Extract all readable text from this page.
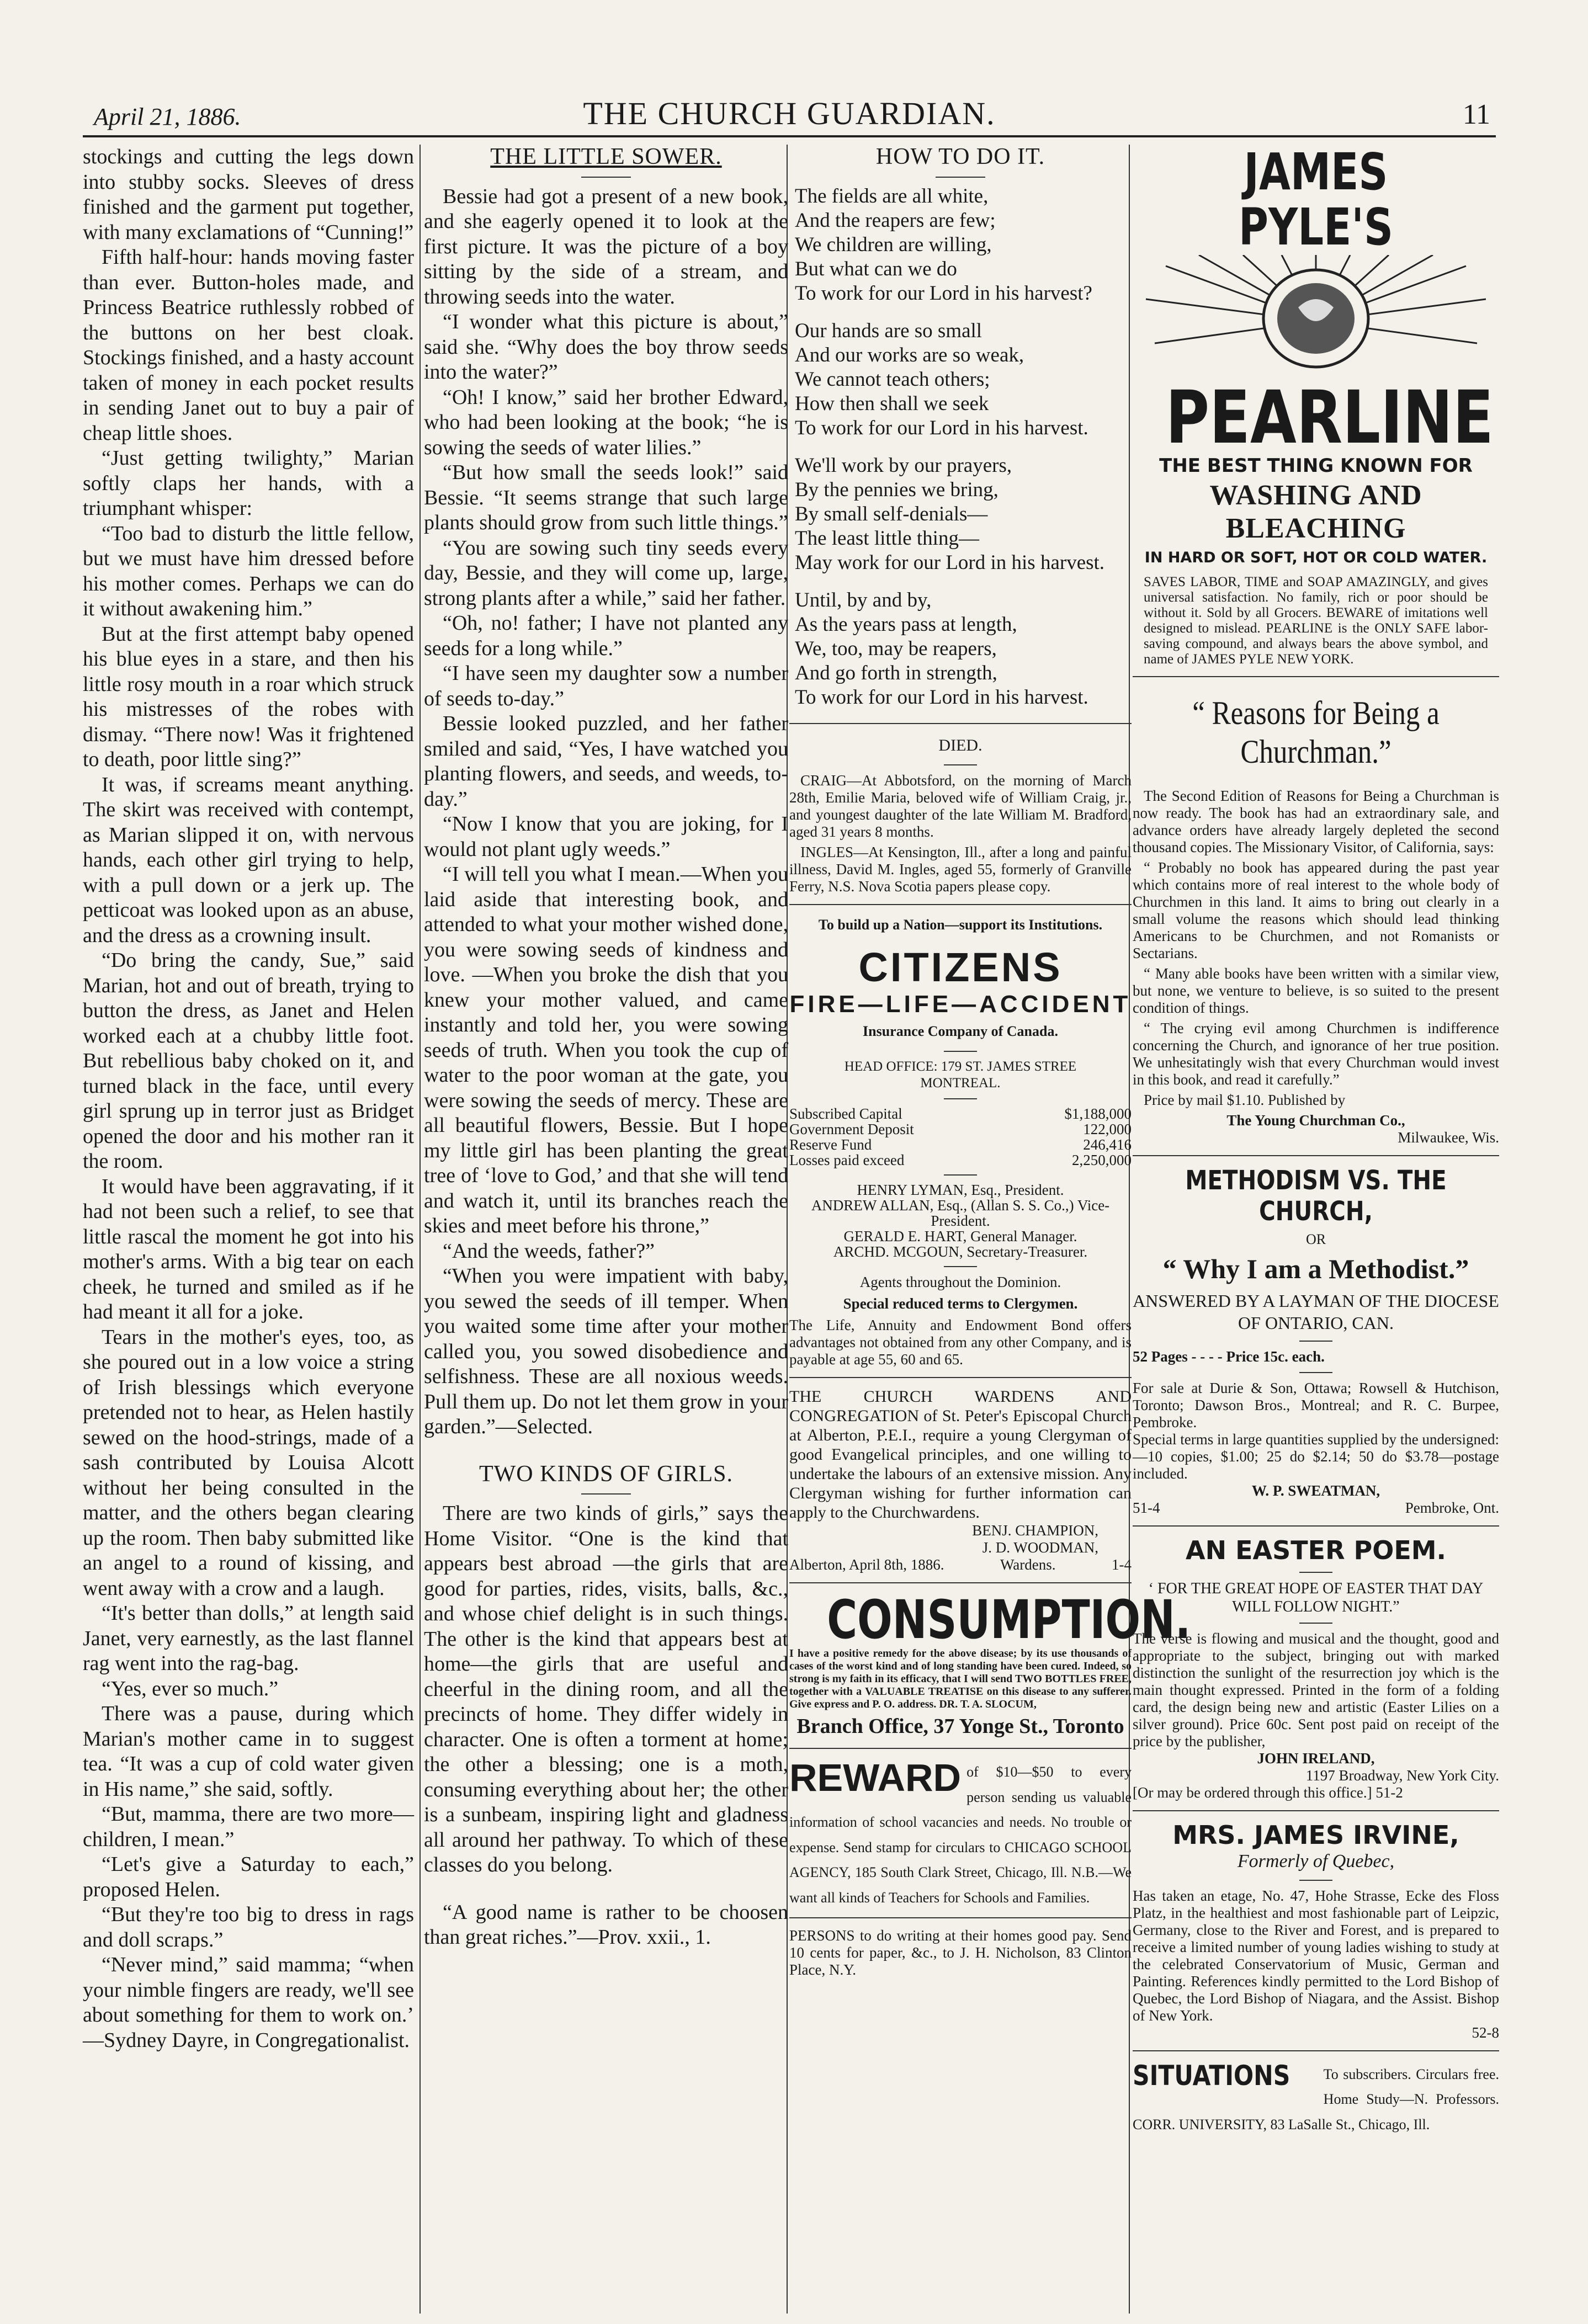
April 21, 1886.	THE CHURCH GUARDIAN.	11

stockings and cutting the legs down into stubby socks. Sleeves of dress finished and the garment put together, with many exclamations of “Cunning!”

Fifth half-hour: hands moving faster than ever. Button-holes made, and Princess Beatrice ruthlessly robbed of the buttons on her best cloak. Stockings finished, and a hasty account taken of money in each pocket results in sending Janet out to buy a pair of cheap little shoes.

“Just getting twilighty,” Marian softly claps her hands, with a triumphant whisper:

“Too bad to disturb the little fellow, but we must have him dressed before his mother comes. Perhaps we can do it without awakening him.”

But at the first attempt baby opened his blue eyes in a stare, and then his little rosy mouth in a roar which struck his mistresses of the robes with dismay. “There now! Was it frightened to death, poor little sing?”

It was, if screams meant anything. The skirt was received with contempt, as Marian slipped it on, with nervous hands, each other girl trying to help, with a pull down or a jerk up. The petticoat was looked upon as an abuse, and the dress as a crowning insult.

“Do bring the candy, Sue,” said Marian, hot and out of breath, trying to button the dress, as Janet and Helen worked each at a chubby little foot. But rebellious baby choked on it, and turned black in the face, until every girl sprung up in terror just as Bridget opened the door and his mother ran it the room.

It would have been aggravating, if it had not been such a relief, to see that little rascal the moment he got into his mother's arms. With a big tear on each cheek, he turned and smiled as if he had meant it all for a joke.

Tears in the mother's eyes, too, as she poured out in a low voice a string of Irish blessings which everyone pretended not to hear, as Helen hastily sewed on the hood-strings, made of a sash contributed by Louisa Alcott without her being consulted in the matter, and the others began clearing up the room. Then baby submitted like an angel to a round of kissing, and went away with a crow and a laugh.

“It's better than dolls,” at length said Janet, very earnestly, as the last flannel rag went into the rag-bag.

“Yes, ever so much.”

There was a pause, during which Marian's mother came in to suggest tea. “It was a cup of cold water given in His name,” she said, softly.

“But, mamma, there are two more—children, I mean.”

“Let's give a Saturday to each,” proposed Helen.

“But they're too big to dress in rags and doll scraps.”

“Never mind,” said mamma; “when your nimble fingers are ready, we'll see about something for them to work on.’ —Sydney Dayre, in Congregationalist.

THE LITTLE SOWER.

Bessie had got a present of a new book, and she eagerly opened it to look at the first picture. It was the picture of a boy sitting by the side of a stream, and throwing seeds into the water.

“I wonder what this picture is about,” said she. “Why does the boy throw seeds into the water?”

“Oh! I know,” said her brother Edward, who had been looking at the book; “he is sowing the seeds of water lilies.”

“But how small the seeds look!” said Bessie. “It seems strange that such large plants should grow from such little things.”

“You are sowing such tiny seeds every day, Bessie, and they will come up, large, strong plants after a while,” said her father.

“Oh, no! father; I have not planted any seeds for a long while.”

“I have seen my daughter sow a number of seeds to-day.”

Bessie looked puzzled, and her father smiled and said, “Yes, I have watched you planting flowers, and seeds, and weeds, to-day.”

“Now I know that you are joking, for I would not plant ugly weeds.”

“I will tell you what I mean.—When you laid aside that interesting book, and attended to what your mother wished done, you were sowing seeds of kindness and love. —When you broke the dish that you knew your mother valued, and came instantly and told her, you were sowing seeds of truth. When you took the cup of water to the poor woman at the gate, you were sowing the seeds of mercy. These are all beautiful flowers, Bessie. But I hope my little girl has been planting the great tree of ‘love to God,’ and that she will tend and watch it, until its branches reach the skies and meet before his throne,”

“And the weeds, father?”

“When you were impatient with baby, you sewed the seeds of ill temper. When you waited some time after your mother called you, you sowed disobedience and selfishness. These are all noxious weeds. Pull them up. Do not let them grow in your garden.”—Selected.

TWO KINDS OF GIRLS.

There are two kinds of girls,” says the Home Visitor. “One is the kind that appears best abroad —the girls that are good for parties, rides, visits, balls, &c., and whose chief delight is in such things. The other is the kind that appears best at home—the girls that are useful and cheerful in the dining room, and all the precincts of home. They differ widely in character. One is often a torment at home; the other a blessing; one is a moth, consuming everything about her; the other is a sunbeam, inspiring light and gladness all around her pathway. To which of these classes do you belong.

“A good name is rather to be choosen than great riches.”—Prov. xxii., 1.

HOW TO DO IT.
The fields are all white,
And the reapers are few;
We children are willing,
But what can we do
To work for our Lord in his harvest?
Our hands are so small
And our works are so weak,
We cannot teach others;
How then shall we seek
To work for our Lord in his harvest.
We'll work by our prayers,
By the pennies we bring,
By small self-denials—
The least little thing—
May work for our Lord in his harvest.
Until, by and by,
As the years pass at length,
We, too, may be reapers,
And go forth in strength,
To work for our Lord in his harvest.
DIED.

CRAIG—At Abbotsford, on the morning of March 28th, Emilie Maria, beloved wife of William Craig, jr., and youngest daughter of the late William M. Bradford, aged 31 years 8 months.

INGLES—At Kensington, Ill., after a long and painful illness, David M. Ingles, aged 55, formerly of Granville Ferry, N.S. Nova Scotia papers please copy.

To build up a Nation—support its Institutions.
CITIZENS
FIRE—LIFE—ACCIDENT
Insurance Company of Canada.
HEAD OFFICE: 179 ST. JAMES STREE MONTREAL.
Subscribed Capital	$1,188,000
Government Deposit	122,000
Reserve Fund	246,416
Losses paid exceed	2,250,000
HENRY LYMAN, Esq., President.
ANDREW ALLAN, Esq., (Allan S. S. Co.,) Vice-President.
GERALD E. HART, General Manager.
ARCHD. MCGOUN, Secretary-Treasurer.
Agents throughout the Dominion.
Special reduced terms to Clergymen.
The Life, Annuity and Endowment Bond offers advantages not obtained from any other Company, and is payable at age 55, 60 and 65.
THE CHURCH WARDENS AND CONGREGATION of St. Peter's Episcopal Church at Alberton, P.E.I., require a young Clergyman of good Evangelical principles, and one willing to undertake the labours of an extensive mission. Any Clergyman wishing for further information can apply to the Churchwardens.
BENJ. CHAMPION,
J. D. WOODMAN,
Alberton, April 8th, 1886.	Wardens.	1-4
CONSUMPTION.
I have a positive remedy for the above disease; by its use thousands of cases of the worst kind and of long standing have been cured. Indeed, so strong is my faith in its efficacy, that I will send TWO BOTTLES FREE, together with a VALUABLE TREATISE on this disease to any sufferer. Give express and P. O. address. DR. T. A. SLOCUM,
Branch Office, 37 Yonge St., Toronto
REWARD of $10—$50 to every person sending us valuable information of school vacancies and needs. No trouble or expense. Send stamp for circulars to CHICAGO SCHOOL AGENCY, 185 South Clark Street, Chicago, Ill. N.B.—We want all kinds of Teachers for Schools and Families.
PERSONS to do writing at their homes good pay. Send 10 cents for paper, &c., to J. H. Nicholson, 83 Clinton Place, N.Y.
JAMES PYLE'S
PEARLINE
THE BEST THING KNOWN FOR
WASHING AND BLEACHING
IN HARD OR SOFT, HOT OR COLD WATER.
SAVES LABOR, TIME and SOAP AMAZINGLY, and gives universal satisfaction. No family, rich or poor should be without it. Sold by all Grocers. BEWARE of imitations well designed to mislead. PEARLINE is the ONLY SAFE labor-saving compound, and always bears the above symbol, and name of JAMES PYLE NEW YORK.
“ Reasons for Being a Churchman.”

The Second Edition of Reasons for Being a Churchman is now ready. The book has had an extraordinary sale, and advance orders have already largely depleted the second thousand copies. The Missionary Visitor, of California, says:

“ Probably no book has appeared during the past year which contains more of real interest to the whole body of Churchmen in this land. It aims to bring out clearly in a small volume the reasons which should lead thinking Americans to be Churchmen, and not Romanists or Sectarians.

“ Many able books have been written with a similar view, but none, we venture to believe, is so suited to the present condition of things.

“ The crying evil among Churchmen is indifference concerning the Church, and ignorance of her true position. We unhesitatingly wish that every Churchman would invest in this book, and read it carefully.”

Price by mail $1.10. Published by

The Young Churchman Co.,
Milwaukee, Wis.
METHODISM VS. THE CHURCH,
OR
“ Why I am a Methodist.”
ANSWERED BY A LAYMAN OF THE DIOCESE OF ONTARIO, CAN.
52 Pages - - - - Price 15c. each.
For sale at Durie & Son, Ottawa; Rowsell & Hutchison, Toronto; Dawson Bros., Montreal; and R. C. Burpee, Pembroke.
Special terms in large quantities supplied by the undersigned:—10 copies, $1.00; 25 do $2.14; 50 do $3.78—postage included.
W. P. SWEATMAN,
51-4	Pembroke, Ont.
AN EASTER POEM.
‘ FOR THE GREAT HOPE OF EASTER THAT DAY WILL FOLLOW NIGHT.”
The verse is flowing and musical and the thought, good and appropriate to the subject, bringing out with marked distinction the sunlight of the resurrection joy which is the main thought expressed. Printed in the form of a folding card, the design being new and artistic (Easter Lilies on a silver ground). Price 60c. Sent post paid on receipt of the price by the publisher,
JOHN IRELAND,
1197 Broadway, New York City.
[Or may be ordered through this office.] 51-2
MRS. JAMES IRVINE,
Formerly of Quebec,
Has taken an etage, No. 47, Hohe Strasse, Ecke des Floss Platz, in the healthiest and most fashionable part of Leipzic, Germany, close to the River and Forest, and is prepared to receive a limited number of young ladies wishing to study at the celebrated Conservatorium of Music, German and Painting. References kindly permitted to the Lord Bishop of Quebec, the Lord Bishop of Niagara, and the Assist. Bishop of New York.
52-8
SITUATIONS To subscribers. Circulars free. Home Study—N. Professors. CORR. UNIVERSITY, 83 LaSalle St., Chicago, Ill.
